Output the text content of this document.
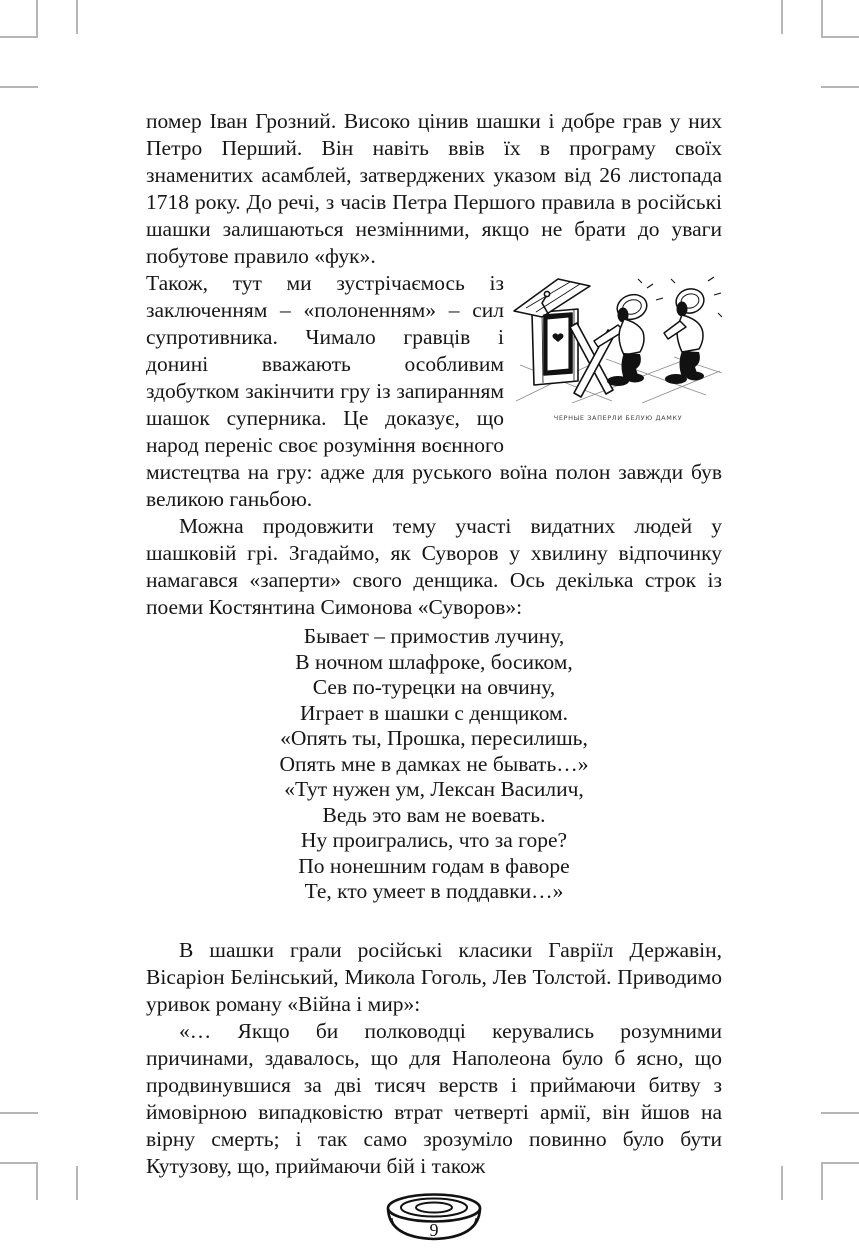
помер Іван Грозний. Високо цінив шашки і добре грав у них Петро Перший. Він навіть ввів їх в програму своїх знаменитих асамблей, затверджених указом від 26 листопада 1718 року. До речі, з часів Петра Першого правила в російські шашки залишаються незмінними, якщо не брати до уваги побутове правило «фук».

ЧЕРНЫЕ ЗАПЕРЛИ БЕЛУЮ ДАМКУ
Також, тут ми зустрічаємось із заключенням – «полоненням» – сил супротивника. Чимало гравців і донині вважають особливим здобутком закінчити гру із запиранням шашок суперника. Це доказує, що народ переніс своє розуміння воєнного мистецтва на гру: адже для руського воїна полон завжди був великою ганьбою.

Можна продовжити тему участі видатних людей у шашковій грі. Згадаймо, як Суворов у хвилину відпочинку намагався «заперти» свого денщика. Ось декілька строк із поеми Костянтина Симонова «Суворов»:

Бывает – примостив лучину,
В ночном шлафроке, босиком,
Сев по-турецки на овчину,
Играет в шашки с денщиком.
«Опять ты, Прошка, пересилишь,
Опять мне в дамках не бывать…»
«Тут нужен ум, Лексан Василич,
Ведь это вам не воевать.
Ну проигрались, что за горе?
По нонешним годам в фаворе
Те, кто умеет в поддавки…»

В шашки грали російські класики Гавріїл Державін, Вісаріон Белінський, Микола Гоголь, Лев Толстой. Приводимо уривок роману «Війна і мир»:

«… Якщо би полководці керувались розумними причинами, здавалось, що для Наполеона було б ясно, що продвинувшися за дві тисяч верств і приймаючи битву з ймовірною випадковістю втрат четверті армії, він йшов на вірну смерть; і так само зрозуміло повинно було бути Кутузову, що, приймаючи бій і також

9
